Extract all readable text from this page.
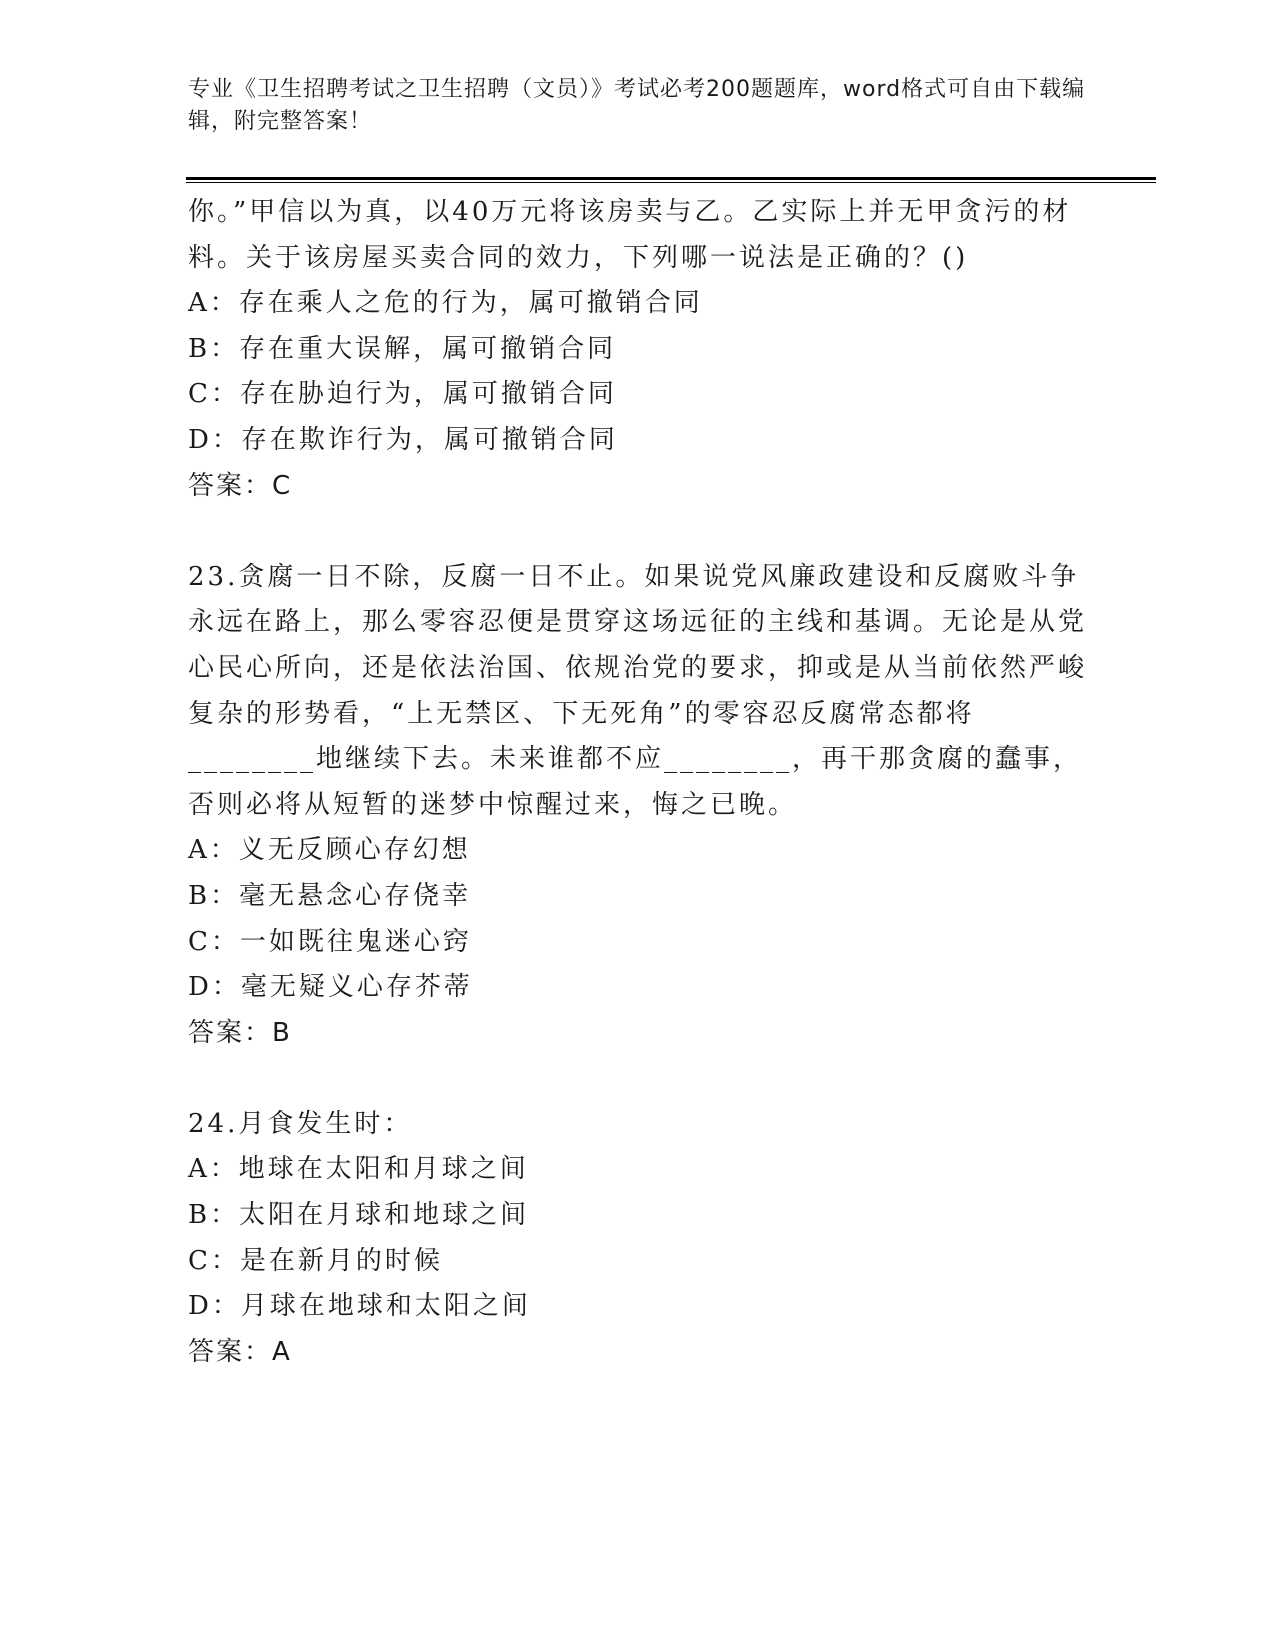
专业《卫生招聘考试之卫生招聘（文员）》考试必考200题题库，word格式可自由下载编辑，附完整答案！

你。”甲信以为真，以40万元将该房卖与乙。乙实际上并无甲贪污的材料。关于该房屋买卖合同的效力，下列哪一说法是正确的？()

A：存在乘人之危的行为，属可撤销合同

B：存在重大误解，属可撤销合同

C：存在胁迫行为，属可撤销合同

D：存在欺诈行为，属可撤销合同

答案：C

23.贪腐一日不除，反腐一日不止。如果说党风廉政建设和反腐败斗争永远在路上，那么零容忍便是贯穿这场远征的主线和基调。无论是从党心民心所向，还是依法治国、依规治党的要求，抑或是从当前依然严峻复杂的形势看，“上无禁区、下无死角”的零容忍反腐常态都将________地继续下去。未来谁都不应________，再干那贪腐的蠢事，否则必将从短暂的迷梦中惊醒过来，悔之已晚。

A：义无反顾心存幻想

B：毫无悬念心存侥幸

C：一如既往鬼迷心窍

D：毫无疑义心存芥蒂

答案：B

24.月食发生时：

A：地球在太阳和月球之间

B：太阳在月球和地球之间

C：是在新月的时候

D：月球在地球和太阳之间

答案：A
